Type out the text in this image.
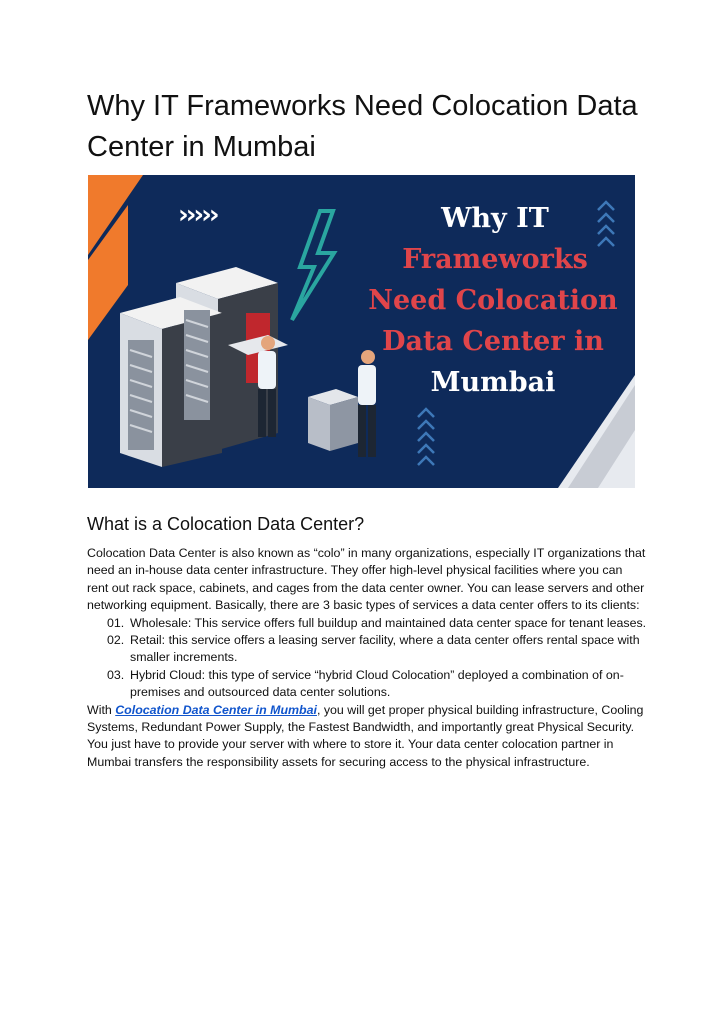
Why IT Frameworks Need Colocation Data Center in Mumbai
›››››	Why IT
Frameworks
Need Colocation
Data Center in
Mumbai
What is a Colocation Data Center?

Colocation Data Center is also known as “colo” in many organizations, especially IT organizations that need an in-house data center infrastructure. They offer high-level physical facilities where you can rent out rack space, cabinets, and cages from the data center owner. You can lease servers and other networking equipment. Basically, there are 3 basic types of services a data center offers to its clients:

01. Wholesale: This service offers full buildup and maintained data center space for tenant leases.
02. Retail: this service offers a leasing server facility, where a data center offers rental space with smaller increments.
03. Hybrid Cloud: this type of service “hybrid Cloud Colocation” deployed a combination of on-premises and outsourced data center solutions.

With Colocation Data Center in Mumbai, you will get proper physical building infrastructure, Cooling Systems, Redundant Power Supply, the Fastest Bandwidth, and importantly great Physical Security. You just have to provide your server with where to store it. Your data center colocation partner in Mumbai transfers the responsibility assets for securing access to the physical infrastructure.
